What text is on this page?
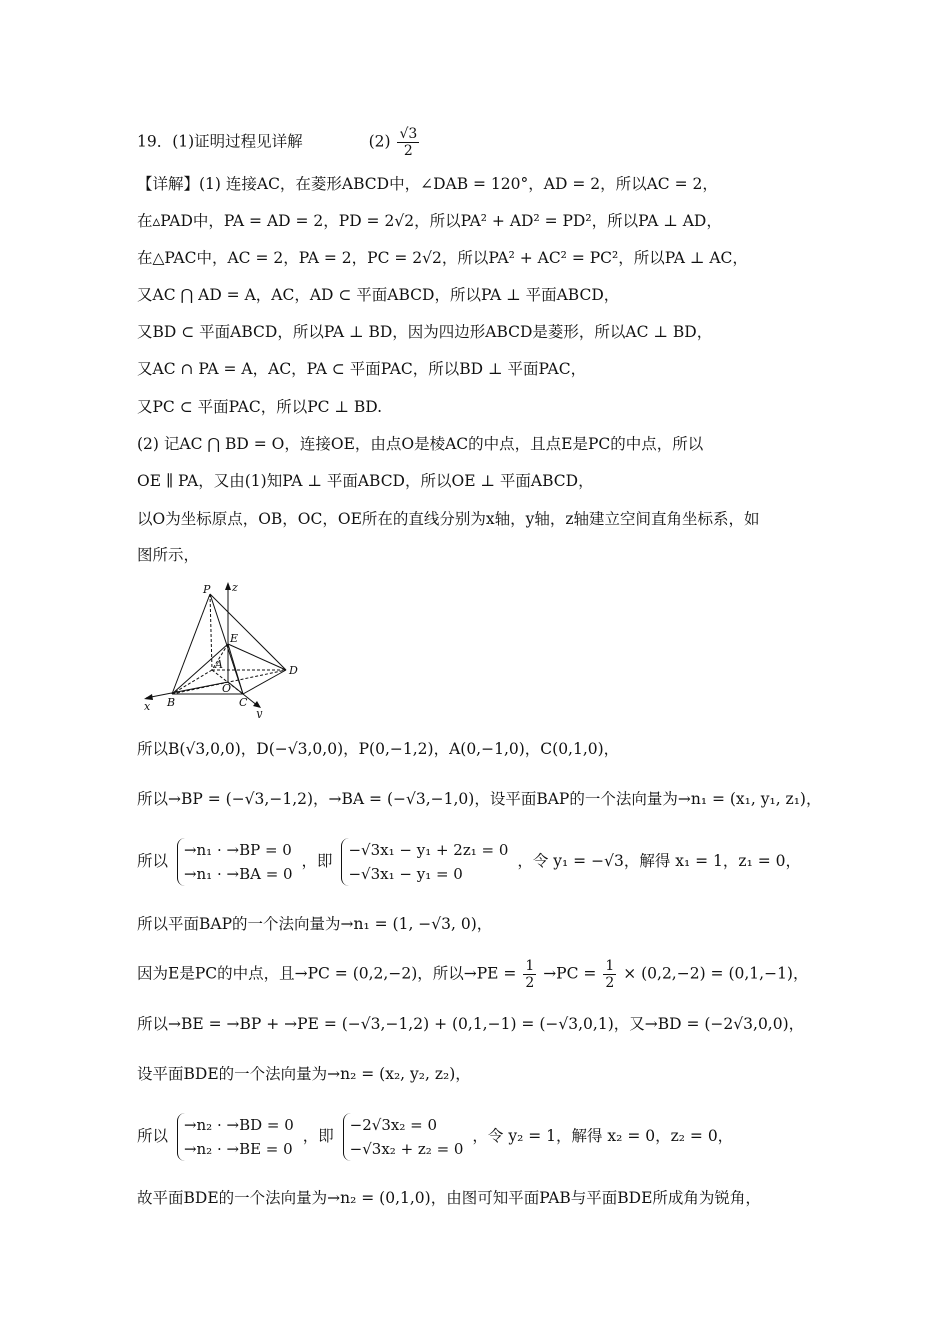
19．(1)证明过程见详解	$(2) \frac{√3}{2}$
【详解】(1) 连接AC，在菱形ABCD中，∠DAB = 120°，AD = 2，所以AC = 2，
在▵PAD中，PA = AD = 2，PD = 2√2，所以PA² + AD² = PD²，所以PA ⊥ AD，
在△PAC中，AC = 2，PA = 2，PC = 2√2，所以PA² + AC² = PC²，所以PA ⊥ AC，
又AC ⋂ AD = A，AC，AD ⊂ 平面ABCD，所以PA ⊥ 平面ABCD，
又BD ⊂ 平面ABCD，所以PA ⊥ BD，因为四边形ABCD是菱形，所以AC ⊥ BD，
又AC ∩ PA = A，AC，PA ⊂ 平面PAC，所以BD ⊥ 平面PAC，
又PC ⊂ 平面PAC，所以PC ⊥ BD.
(2) 记AC ⋂ BD = O，连接OE，由点O是棱AC的中点，且点E是PC的中点，所以
OE ∥ PA，又由(1)知PA ⊥ 平面ABCD，所以OE ⊥ 平面ABCD，
以O为坐标原点，OB，OC，OE所在的直线分别为x轴，y轴，z轴建立空间直角坐标系，如
图所示，
P z
E
D
A
O
B	C
x
y
所以B(√3,0,0)，D(−√3,0,0)，P(0,−1,2)，A(0,−1,0)，C(0,1,0)，
所以→BP = (−√3,−1,2)，→BA = (−√3,−1,0)，设平面BAP的一个法向量为→n₁ = (x₁, y₁, z₁)，
所以
→n₁ · →BP = 0
→n₁ · →BA = 0
，即
−√3x₁ − y₁ + 2z₁ = 0
−√3x₁ − y₁ = 0
，令 y₁ = −√3，解得 x₁ = 1，z₁ = 0，
所以平面BAP的一个法向量为→n₁ = (1, −√3, 0)，
因为E是PC的中点，且→PC = (0,2,−2)，所以$\to PE = \frac{1}{2} \to PC = \frac{1}{2} \times (0,2,-2) = (0,1,-1)$，
所以→BE = →BP + →PE = (−√3,−1,2) + (0,1,−1) = (−√3,0,1)，又→BD = (−2√3,0,0)，
设平面BDE的一个法向量为→n₂ = (x₂, y₂, z₂)，
所以
→n₂ · →BD = 0
→n₂ · →BE = 0
，即
−2√3x₂ = 0
−√3x₂ + z₂ = 0
，令 y₂ = 1，解得 x₂ = 0，z₂ = 0，
故平面BDE的一个法向量为→n₂ = (0,1,0)，由图可知平面PAB与平面BDE所成角为锐角，
